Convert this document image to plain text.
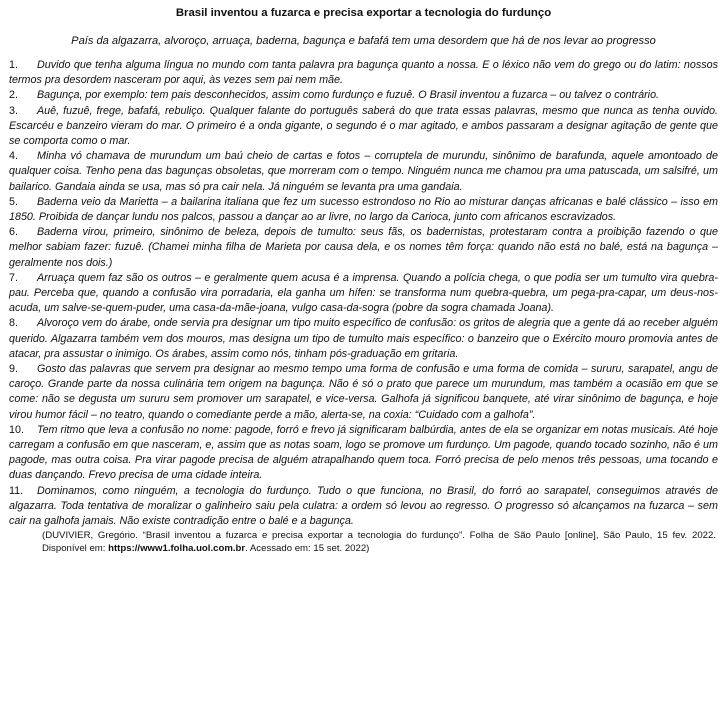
Brasil inventou a fuzarca e precisa exportar a tecnologia do furdunço
País da algazarra, alvoroço, arruaça, baderna, bagunça e bafafá tem uma desordem que há de nos levar ao progresso

1. Duvido que tenha alguma língua no mundo com tanta palavra pra bagunça quanto a nossa. E o léxico não vem do grego ou do latim: nossos termos pra desordem nasceram por aqui, às vezes sem pai nem mãe.

2. Bagunça, por exemplo: tem pais desconhecidos, assim como furdunço e fuzuê. O Brasil inventou a fuzarca – ou talvez o contrário.

3. Auê, fuzuê, frege, bafafá, rebuliço. Qualquer falante do português saberá do que trata essas palavras, mesmo que nunca as tenha ouvido. Escarcéu e banzeiro vieram do mar. O primeiro é a onda gigante, o segundo é o mar agitado, e ambos passaram a designar agitação de gente que se comporta como o mar.

4. Minha vó chamava de murundum um baú cheio de cartas e fotos – corruptela de murundu, sinônimo de barafunda, aquele amontoado de qualquer coisa. Tenho pena das bagunças obsoletas, que morreram com o tempo. Ninguém nunca me chamou pra uma patuscada, um salsifré, um bailarico. Gandaia ainda se usa, mas só pra cair nela. Já ninguém se levanta pra uma gandaia.

5. Baderna veio da Marietta – a bailarina italiana que fez um sucesso estrondoso no Rio ao misturar danças africanas e balé clássico – isso em 1850. Proibida de dançar lundu nos palcos, passou a dançar ao ar livre, no largo da Carioca, junto com africanos escravizados.

6. Baderna virou, primeiro, sinônimo de beleza, depois de tumulto: seus fãs, os badernistas, protestaram contra a proibição fazendo o que melhor sabiam fazer: fuzuê. (Chamei minha filha de Marieta por causa dela, e os nomes têm força: quando não está no balé, está na bagunça – geralmente nos dois.)

7. Arruaça quem faz são os outros – e geralmente quem acusa é a imprensa. Quando a polícia chega, o que podia ser um tumulto vira quebra-pau. Perceba que, quando a confusão vira porradaria, ela ganha um hífen: se transforma num quebra-quebra, um pega-pra-capar, um deus-nos-acuda, um salve-se-quem-puder, uma casa-da-mãe-joana, vulgo casa-da-sogra (pobre da sogra chamada Joana).

8. Alvoroço vem do árabe, onde servia pra designar um tipo muito específico de confusão: os gritos de alegria que a gente dá ao receber alguém querido. Algazarra também vem dos mouros, mas designa um tipo de tumulto mais específico: o banzeiro que o Exército mouro promovia antes de atacar, pra assustar o inimigo. Os árabes, assim como nós, tinham pós-graduação em gritaria.

9. Gosto das palavras que servem pra designar ao mesmo tempo uma forma de confusão e uma forma de comida – sururu, sarapatel, angu de caroço. Grande parte da nossa culinária tem origem na bagunça. Não é só o prato que parece um murundum, mas também a ocasião em que se come: não se degusta um sururu sem promover um sarapatel, e vice-versa. Galhofa já significou banquete, até virar sinônimo de bagunça, e hoje virou humor fácil – no teatro, quando o comediante perde a mão, alerta-se, na coxia: “Cuidado com a galhofa”.

10. Tem ritmo que leva a confusão no nome: pagode, forró e frevo já significaram balbúrdia, antes de ela se organizar em notas musicais. Até hoje carregam a confusão em que nasceram, e, assim que as notas soam, logo se promove um furdunço. Um pagode, quando tocado sozinho, não é um pagode, mas outra coisa. Pra virar pagode precisa de alguém atrapalhando quem toca. Forró precisa de pelo menos três pessoas, uma tocando e duas dançando. Frevo precisa de uma cidade inteira.

11. Dominamos, como ninguém, a tecnologia do furdunço. Tudo o que funciona, no Brasil, do forró ao sarapatel, conseguimos através de algazarra. Toda tentativa de moralizar o galinheiro saiu pela culatra: a ordem só levou ao regresso. O progresso só alcançamos na fuzarca – sem cair na galhofa jamais. Não existe contradição entre o balé e a bagunça.

(DUVIVIER, Gregório. “Brasil inventou a fuzarca e precisa exportar a tecnologia do furdunço”. Folha de São Paulo [online], São Paulo, 15 fev. 2022. Disponível em: https://www1.folha.uol.com.br. Acessado em: 15 set. 2022)
